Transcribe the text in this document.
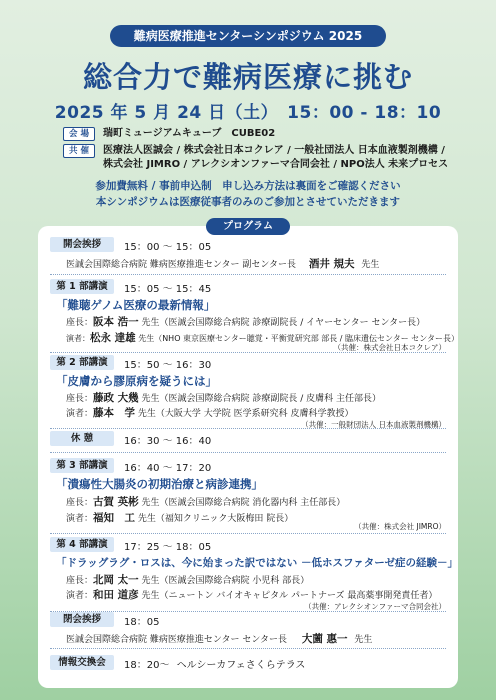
難病医療推進センターシンポジウム 2025
総合力で難病医療に挑む
2025 年 5 月 24 日（土）　15：00 - 18：10
会 場	瑞町ミュージアムキューブ　CUBE02
共 催	医療法人医誠会 / 株式会社日本コクレア / 一般社団法人 日本血液製剤機構 /
株式会社 JIMRO / アレクシオンファーマ合同会社 / NPO法人 未来プロセス
参加費無料 / 事前申込制　申し込み方法は裏面をご確認ください
本シンポジウムは医療従事者のみのご参加とさせていただきます
プログラム
開会挨拶	15：00 ～ 15：05
医誠会国際総合病院 難病医療推進センター 副センター長 酒井 規夫 先生
第 1 部講演	15：05 ～ 15：45
「難聴ゲノム医療の最新情報」
座長：阪本 浩一 先生（医誠会国際総合病院 診療副院長 / イヤーセンター センター長）
演者：松永 達雄 先生（NHO 東京医療センター聴覚・平衡覚研究部 部長 / 臨床遺伝センター センター長）
（共催：株式会社日本コクレア）
第 2 部講演	15：50 ～ 16：30
「皮膚から膠原病を疑うには」
座長：藤政 大幾 先生（医誠会国際総合病院 診療副院長 / 皮膚科 主任部長）
演者：藤本　学 先生（大阪大学 大学院 医学系研究科 皮膚科学教授）
（共催：一般財団法人 日本血液製剤機構）
休 憩	16：30 ～ 16：40
第 3 部講演	16：40 ～ 17：20
「潰瘍性大腸炎の初期治療と病診連携」
座長：古賀 英彬 先生（医誠会国際総合病院 消化器内科 主任部長）
演者：福知　工 先生（福知クリニック大阪梅田 院長）
（共催：株式会社 JIMRO）
第 4 部講演	17：25 ～ 18：05
「ドラッグラグ・ロスは、今に始まった訳ではない －低ホスファターゼ症の経験－」
座長：北岡 太一 先生（医誠会国際総合病院 小児科 部長）
演者：和田 道彦 先生（ニュートン バイオキャピタル パートナーズ 最高薬事開発責任者）
（共催：アレクシオンファーマ合同会社）
閉会挨拶	18：05
医誠会国際総合病院 難病医療推進センター センター長 大薗 惠一 先生
情報交換会	18：20～ ヘルシーカフェさくらテラス
